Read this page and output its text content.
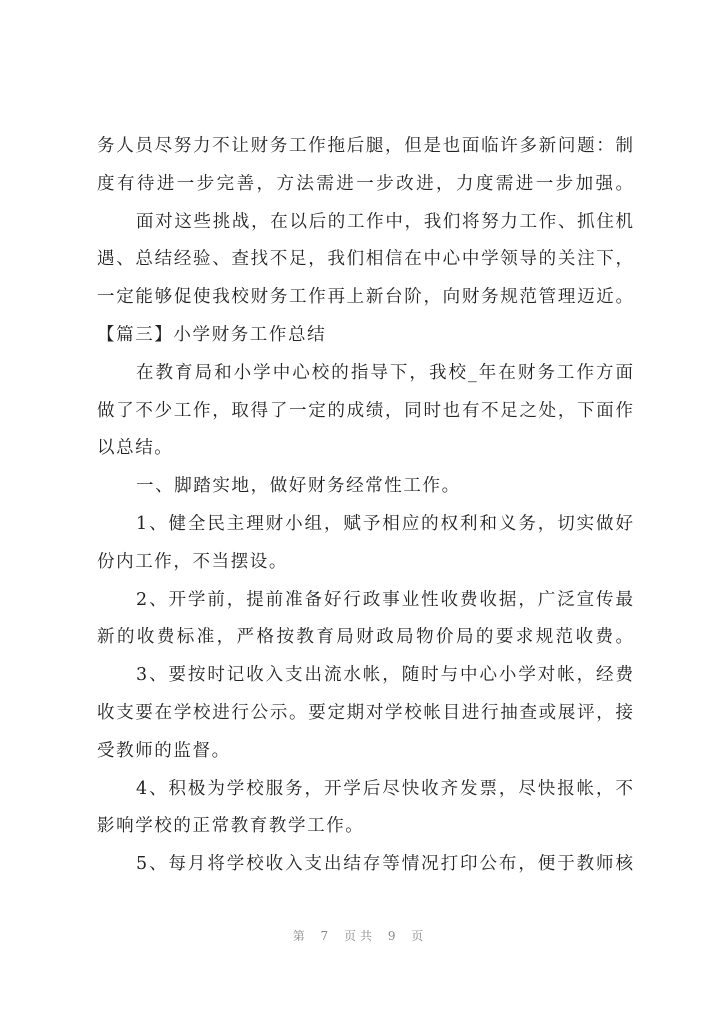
务人员尽努力不让财务工作拖后腿，但是也面临许多新问题：制
度有待进一步完善，方法需进一步改进，力度需进一步加强。
面对这些挑战，在以后的工作中，我们将努力工作、抓住机
遇、总结经验、查找不足，我们相信在中心中学领导的关注下，
一定能够促使我校财务工作再上新台阶，向财务规范管理迈近。
【篇三】小学财务工作总结
在教育局和小学中心校的指导下，我校_年在财务工作方面
做了不少工作，取得了一定的成绩，同时也有不足之处，下面作
以总结。
一、脚踏实地，做好财务经常性工作。
1、健全民主理财小组，赋予相应的权利和义务，切实做好
份内工作，不当摆设。
2、开学前，提前准备好行政事业性收费收据，广泛宣传最
新的收费标准，严格按教育局财政局物价局的要求规范收费。
3、要按时记收入支出流水帐，随时与中心小学对帐，经费
收支要在学校进行公示。要定期对学校帐目进行抽查或展评，接
受教师的监督。
4、积极为学校服务，开学后尽快收齐发票，尽快报帐，不
影响学校的正常教育教学工作。
5、每月将学校收入支出结存等情况打印公布，便于教师核
第 7 页共 9 页
